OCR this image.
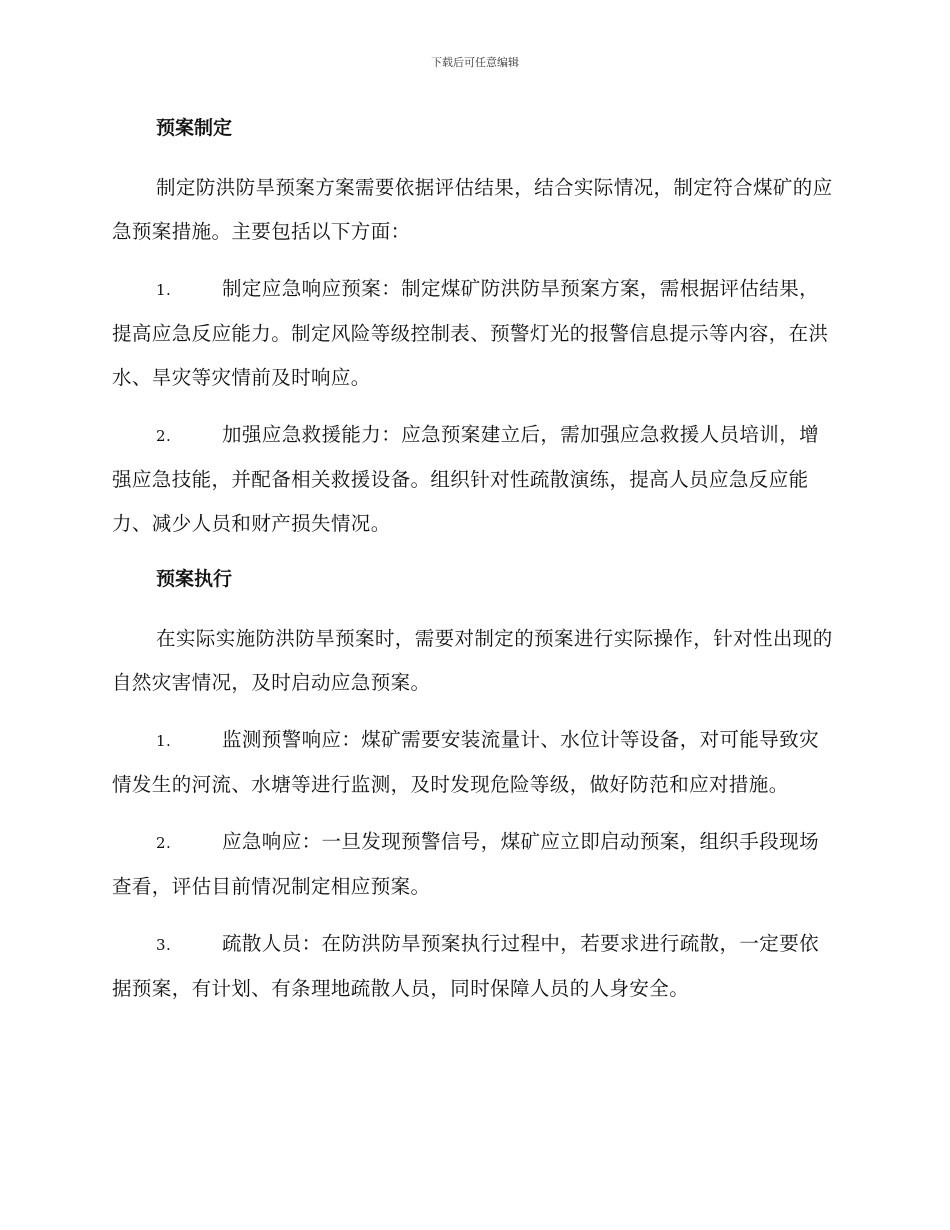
下载后可任意编辑
预案制定

制定防洪防旱预案方案需要依据评估结果，结合实际情况，制定符合煤矿的应急预案措施。主要包括以下方面：

1.	制定应急响应预案：制定煤矿防洪防旱预案方案，需根据评估结果，提高应急反应能力。制定风险等级控制表、预警灯光的报警信息提示等内容，在洪水、旱灾等灾情前及时响应。

2.	加强应急救援能力：应急预案建立后，需加强应急救援人员培训，增强应急技能，并配备相关救援设备。组织针对性疏散演练，提高人员应急反应能力、减少人员和财产损失情况。

预案执行

在实际实施防洪防旱预案时，需要对制定的预案进行实际操作，针对性出现的自然灾害情况，及时启动应急预案。

1.	监测预警响应：煤矿需要安装流量计、水位计等设备，对可能导致灾情发生的河流、水塘等进行监测，及时发现危险等级，做好防范和应对措施。

2.	应急响应：一旦发现预警信号，煤矿应立即启动预案，组织手段现场查看，评估目前情况制定相应预案。

3.	疏散人员：在防洪防旱预案执行过程中，若要求进行疏散，一定要依据预案，有计划、有条理地疏散人员，同时保障人员的人身安全。
